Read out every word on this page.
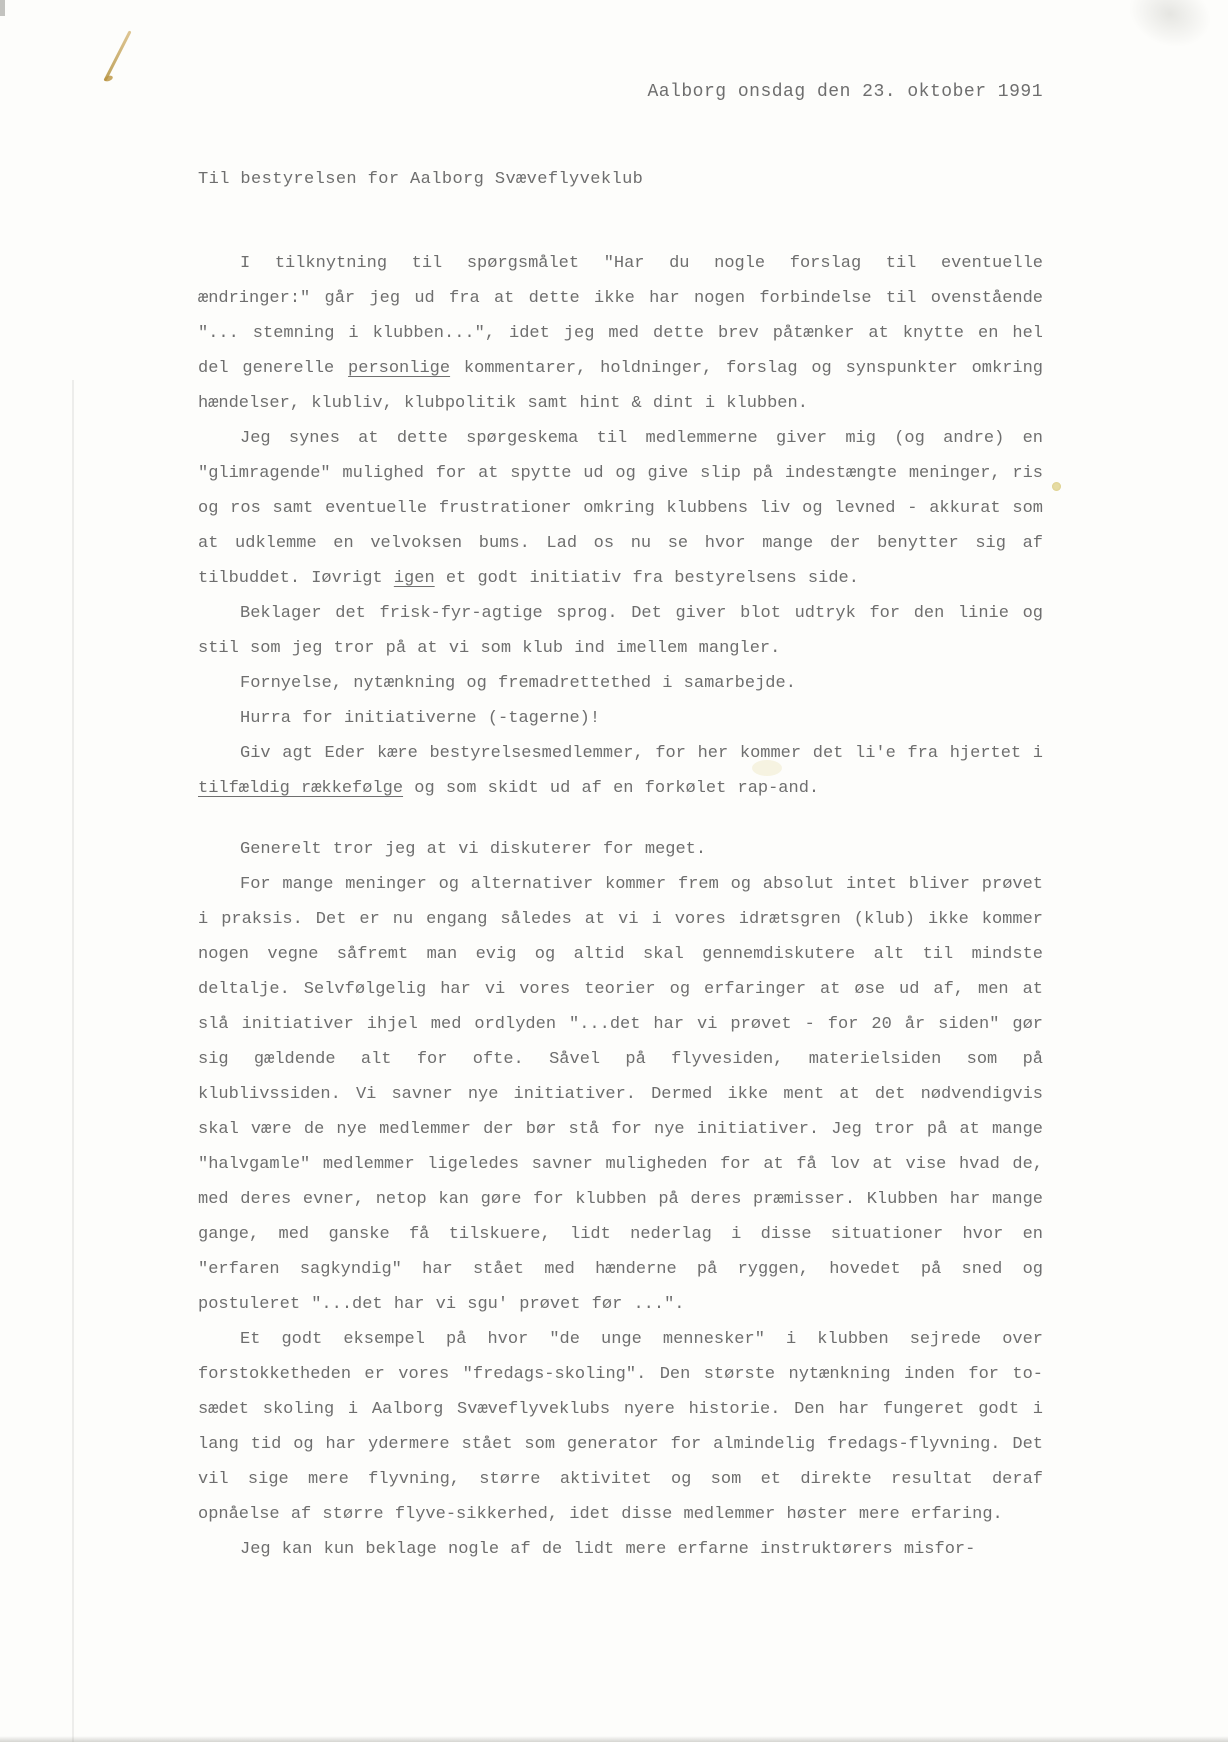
Aalborg onsdag den 23. oktober 1991
Til bestyrelsen for Aalborg Svæveflyveklub

I tilknytning til spørgsmålet "Har du nogle forslag til eventuelle ændringer:" går jeg ud fra at dette ikke har nogen forbindelse til ovenstående "... stemning i klubben...", idet jeg med dette brev påtænker at knytte en hel del generelle personlige kommentarer, holdninger, forslag og synspunkter omkring hændelser, klubliv, klubpolitik samt hint & dint i klubben.

Jeg synes at dette spørgeskema til medlemmerne giver mig (og andre) en "glimragende" mulighed for at spytte ud og give slip på indestængte meninger, ris og ros samt eventuelle frustrationer omkring klubbens liv og levned - akkurat som at udklemme en velvoksen bums. Lad os nu se hvor mange der benytter sig af tilbuddet. Iøvrigt igen et godt initiativ fra bestyrelsens side.

Beklager det frisk-fyr-agtige sprog. Det giver blot udtryk for den linie og stil som jeg tror på at vi som klub ind imellem mangler.

Fornyelse, nytænkning og fremadrettethed i samarbejde.

Hurra for initiativerne (-tagerne)!

Giv agt Eder kære bestyrelsesmedlemmer, for her kommer det li'e fra hjertet i tilfældig rækkefølge og som skidt ud af en forkølet rap-and.

Generelt tror jeg at vi diskuterer for meget.

For mange meninger og alternativer kommer frem og absolut intet bliver prøvet i praksis. Det er nu engang således at vi i vores idrætsgren (klub) ikke kommer nogen vegne såfremt man evig og altid skal gennemdiskutere alt til mindste deltalje. Selvfølgelig har vi vores teorier og erfaringer at øse ud af, men at slå initiativer ihjel med ordlyden "...det har vi prøvet - for 20 år siden" gør sig gældende alt for ofte. Såvel på flyvesiden, materielsiden som på klublivssiden. Vi savner nye initiativer. Dermed ikke ment at det nødvendigvis skal være de nye medlemmer der bør stå for nye initiativer. Jeg tror på at mange "halvgamle" medlemmer ligeledes savner muligheden for at få lov at vise hvad de, med deres evner, netop kan gøre for klubben på deres præmisser. Klubben har mange gange, med ganske få tilskuere, lidt nederlag i disse situationer hvor en "erfaren sagkyndig" har stået med hænderne på ryggen, hovedet på sned og postuleret "...det har vi sgu' prøvet før ...".

Et godt eksempel på hvor "de unge mennesker" i klubben sejrede over forstokketheden er vores "fredags-skoling". Den største nytænkning inden for to-sædet skoling i Aalborg Svæveflyveklubs nyere historie. Den har fungeret godt i lang tid og har ydermere stået som generator for almindelig fredags-flyvning. Det vil sige mere flyvning, større aktivitet og som et direkte resultat deraf opnåelse af større flyve-sikkerhed, idet disse medlemmer høster mere erfaring.

Jeg kan kun beklage nogle af de lidt mere erfarne instruktørers misfor-
